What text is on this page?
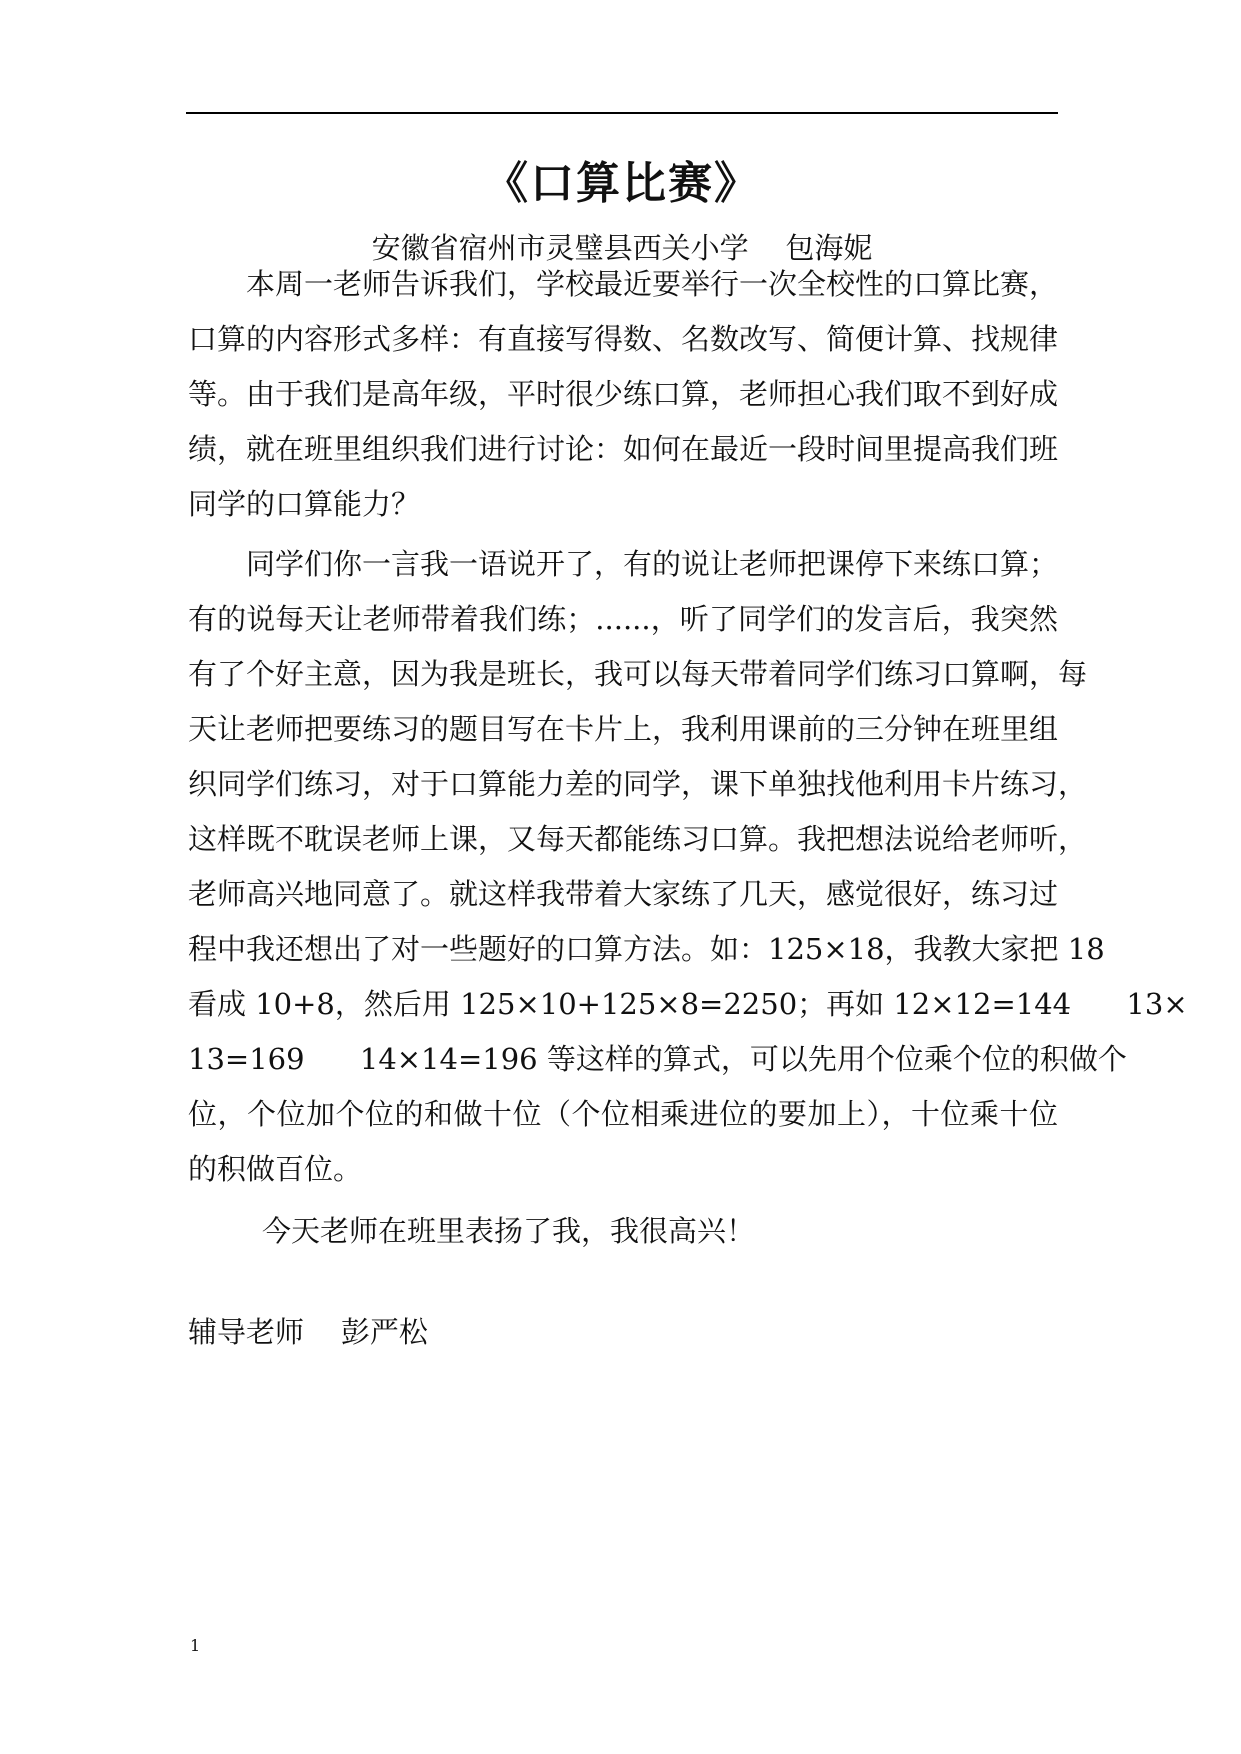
《口算比赛》
安徽省宿州市灵璧县西关小学    包海妮
本周一老师告诉我们，学校最近要举行一次全校性的口算比赛，
口算的内容形式多样：有直接写得数、名数改写、简便计算、找规律
等。由于我们是高年级，平时很少练口算，老师担心我们取不到好成
绩，就在班里组织我们进行讨论：如何在最近一段时间里提高我们班
同学的口算能力？
同学们你一言我一语说开了，有的说让老师把课停下来练口算；
有的说每天让老师带着我们练；......，听了同学们的发言后，我突然
有了个好主意，因为我是班长，我可以每天带着同学们练习口算啊，每
天让老师把要练习的题目写在卡片上，我利用课前的三分钟在班里组
织同学们练习，对于口算能力差的同学，课下单独找他利用卡片练习，
这样既不耽误老师上课，又每天都能练习口算。我把想法说给老师听，
老师高兴地同意了。就这样我带着大家练了几天，感觉很好，练习过
程中我还想出了对一些题好的口算方法。如：125×18，我教大家把 18
看成 10+8，然后用 125×10+125×8=2250；再如 12×12=144      13×
13=169      14×14=196 等这样的算式，可以先用个位乘个位的积做个
位，个位加个位的和做十位（个位相乘进位的要加上），十位乘十位
的积做百位。
今天老师在班里表扬了我，我很高兴！
辅导老师    彭严松
1
